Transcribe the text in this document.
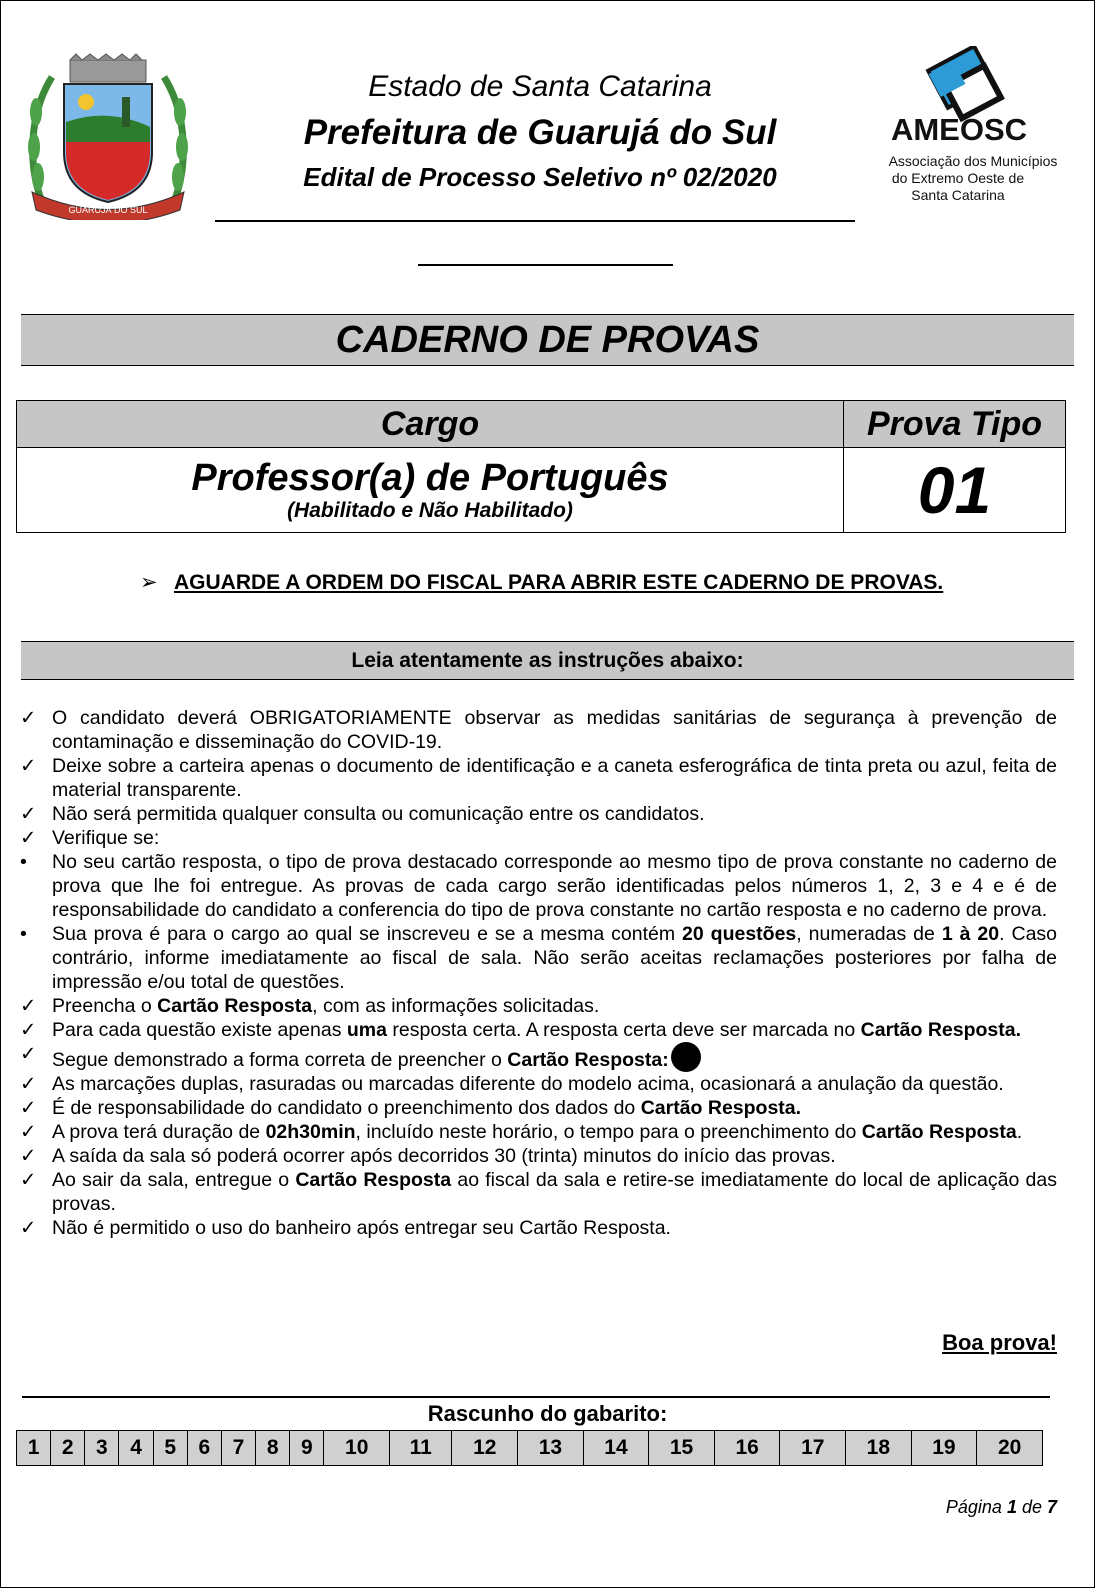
GUARUJÁ DO SUL
Estado de Santa Catarina
Prefeitura de Guarujá do Sul
Edital de Processo Seletivo nº 02/2020
AMEOSC
Associação dos Municípios
do Extremo Oeste de
Santa Catarina
CADERNO DE PROVAS
Cargo	Prova Tipo

Professor(a) de Português
(Habilitado e Não Habilitado)	01
➢ AGUARDE A ORDEM DO FISCAL PARA ABRIR ESTE CADERNO DE PROVAS.
Leia atentamente as instruções abaixo:
✓ O candidato deverá OBRIGATORIAMENTE observar as medidas sanitárias de segurança à prevenção de contaminação e disseminação do COVID-19.
✓ Deixe sobre a carteira apenas o documento de identificação e a caneta esferográfica de tinta preta ou azul, feita de material transparente.
✓ Não será permitida qualquer consulta ou comunicação entre os candidatos.
✓ Verifique se:
•	No seu cartão resposta, o tipo de prova destacado corresponde ao mesmo tipo de prova constante no caderno de prova que lhe foi entregue. As provas de cada cargo serão identificadas pelos números 1, 2, 3 e 4 e é de responsabilidade do candidato a conferencia do tipo de prova constante no cartão resposta e no caderno de prova.
•	Sua prova é para o cargo ao qual se inscreveu e se a mesma contém 20 questões, numeradas de 1 à 20. Caso contrário, informe imediatamente ao fiscal de sala. Não serão aceitas reclamações posteriores por falha de impressão e/ou total de questões.
✓ Preencha o Cartão Resposta, com as informações solicitadas.
✓ Para cada questão existe apenas uma resposta certa. A resposta certa deve ser marcada no Cartão Resposta.
✓ Segue demonstrado a forma correta de preencher o Cartão Resposta:
✓ As marcações duplas, rasuradas ou marcadas diferente do modelo acima, ocasionará a anulação da questão.
✓ É de responsabilidade do candidato o preenchimento dos dados do Cartão Resposta.
✓ A prova terá duração de 02h30min, incluído neste horário, o tempo para o preenchimento do Cartão Resposta.
✓ A saída da sala só poderá ocorrer após decorridos 30 (trinta) minutos do início das provas.
✓ Ao sair da sala, entregue o Cartão Resposta ao fiscal da sala e retire-se imediatamente do local de aplicação das provas.
✓ Não é permitido o uso do banheiro após entregar seu Cartão Resposta.
Boa prova!
Rascunho do gabarito:
1	2	3	4	5	6	7	8	9	10	11	12	13	14	15	16	17	18	19	20
Página 1 de 7
